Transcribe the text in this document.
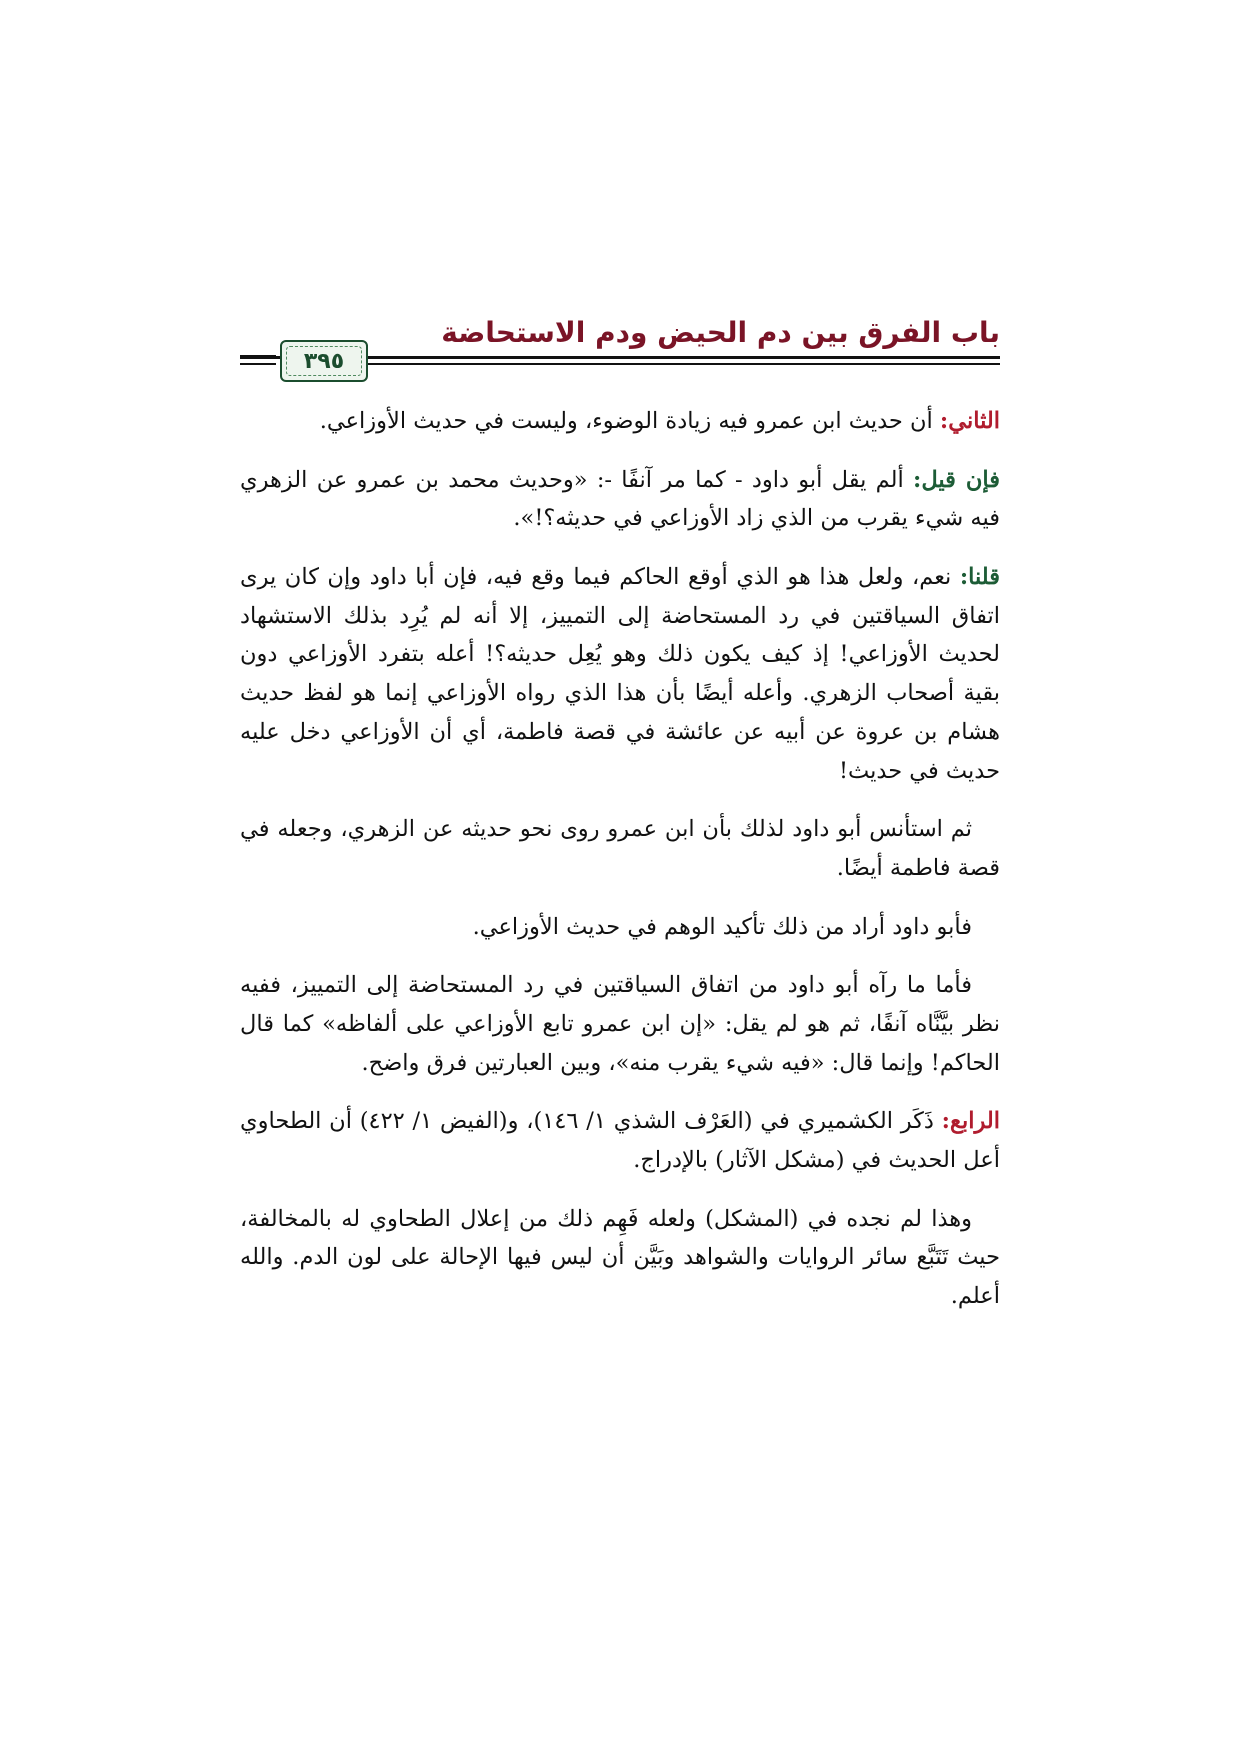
باب الفرق بين دم الحيض ودم الاستحاضة
٣٩٥

الثاني: أن حديث ابن عمرو فيه زيادة الوضوء، وليست في حديث الأوزاعي.

فإن قيل: ألم يقل أبو داود - كما مر آنفًا -: «وحديث محمد بن عمرو عن الزهري فيه شيء يقرب من الذي زاد الأوزاعي في حديثه؟!».

قلنا: نعم، ولعل هذا هو الذي أوقع الحاكم فيما وقع فيه، فإن أبا داود وإن كان يرى اتفاق السياقتين في رد المستحاضة إلى التمييز، إلا أنه لم يُرِد بذلك الاستشهاد لحديث الأوزاعي! إذ كيف يكون ذلك وهو يُعِل حديثه؟! أعله بتفرد الأوزاعي دون بقية أصحاب الزهري. وأعله أيضًا بأن هذا الذي رواه الأوزاعي إنما هو لفظ حديث هشام بن عروة عن أبيه عن عائشة في قصة فاطمة، أي أن الأوزاعي دخل عليه حديث في حديث!

ثم استأنس أبو داود لذلك بأن ابن عمرو روى نحو حديثه عن الزهري، وجعله في قصة فاطمة أيضًا.

فأبو داود أراد من ذلك تأكيد الوهم في حديث الأوزاعي.

فأما ما رآه أبو داود من اتفاق السياقتين في رد المستحاضة إلى التمييز، ففيه نظر بيَّنَّاه آنفًا، ثم هو لم يقل: «إن ابن عمرو تابع الأوزاعي على ألفاظه» كما قال الحاكم! وإنما قال: «فيه شيء يقرب منه»، وبين العبارتين فرق واضح.

الرابع: ذَكَر الكشميري في (العَرْف الشذي ١/ ١٤٦)، و(الفيض ١/ ٤٢٢) أن الطحاوي أعل الحديث في (مشكل الآثار) بالإدراج.

وهذا لم نجده في (المشكل) ولعله فَهِم ذلك من إعلال الطحاوي له بالمخالفة، حيث تَتَبَّع سائر الروايات والشواهد وبَيَّن أن ليس فيها الإحالة على لون الدم. والله أعلم.
